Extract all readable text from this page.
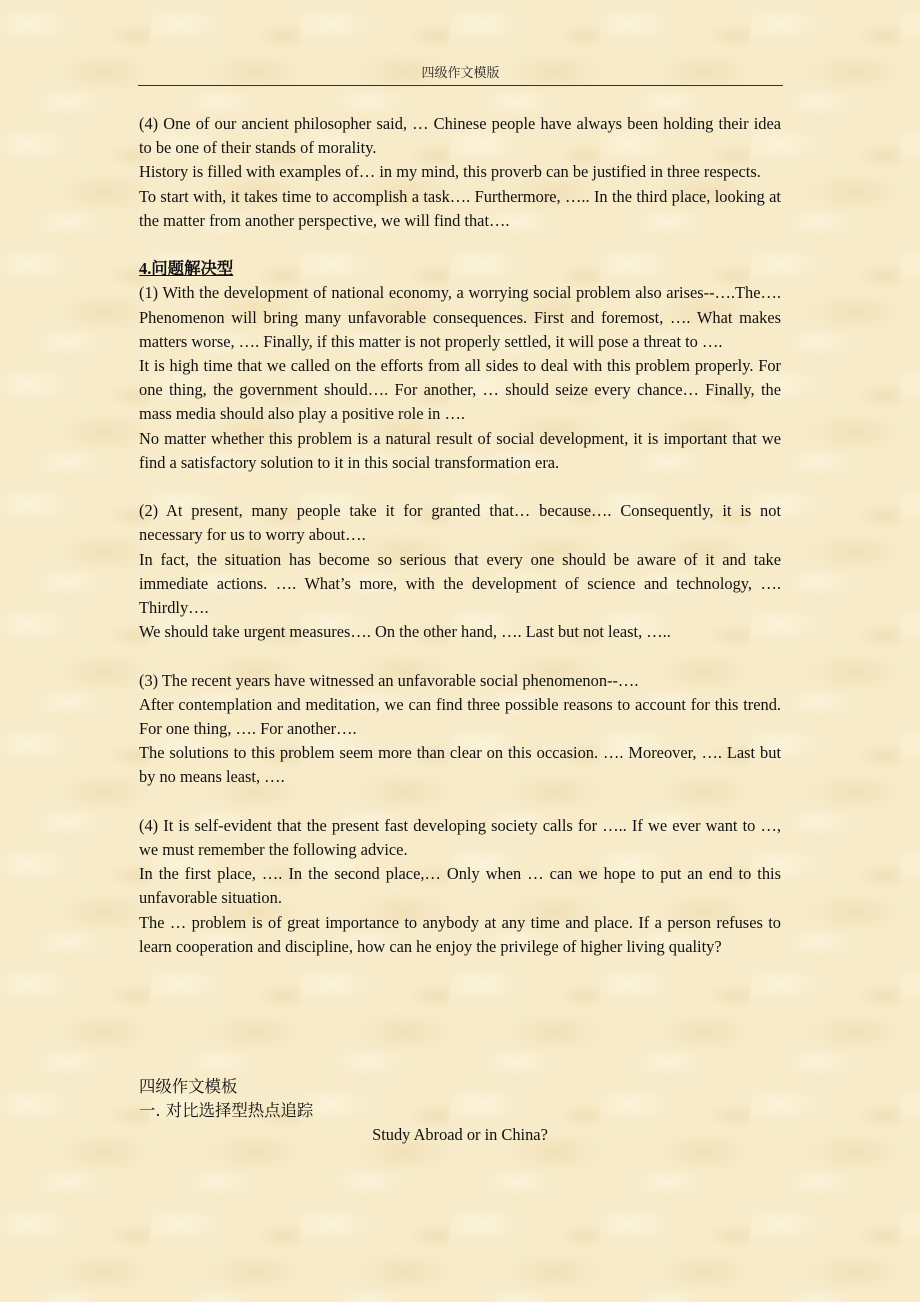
四级作文模版

(4) One of our ancient philosopher said, … Chinese people have always been holding their idea to be one of their stands of morality.

History is filled with examples of… in my mind, this proverb can be justified in three respects.

To start with, it takes time to accomplish a task…. Furthermore, ….. In the third place, looking at the matter from another perspective, we will find that….

4.问题解决型

(1) With the development of national economy, a worrying social problem also arises--….The…. Phenomenon will bring many unfavorable consequences. First and foremost, …. What makes matters worse, …. Finally, if this matter is not properly settled, it will pose a threat to ….

It is high time that we called on the efforts from all sides to deal with this problem properly. For one thing, the government should…. For another, … should seize every chance… Finally, the mass media should also play a positive role in ….

No matter whether this problem is a natural result of social development, it is important that we find a satisfactory solution to it in this social transformation era.

(2) At present, many people take it for granted that… because…. Consequently, it is not necessary for us to worry about….

In fact, the situation has become so serious that every one should be aware of it and take immediate actions. …. What’s more, with the development of science and technology, …. Thirdly….

We should take urgent measures…. On the other hand, …. Last but not least, …..

(3) The recent years have witnessed an unfavorable social phenomenon--….

After contemplation and meditation, we can find three possible reasons to account for this trend. For one thing, …. For another….

The solutions to this problem seem more than clear on this occasion. …. Moreover, …. Last but by no means least, ….

(4) It is self-evident that the present fast developing society calls for ….. If we ever want to …, we must remember the following advice.

In the first place, …. In the second place,… Only when … can we hope to put an end to this unfavorable situation.

The … problem is of great importance to anybody at any time and place. If a person refuses to learn cooperation and discipline, how can he enjoy the privilege of higher living quality?

四级作文模板

一. 对比选择型热点追踪

Study Abroad or in China?
